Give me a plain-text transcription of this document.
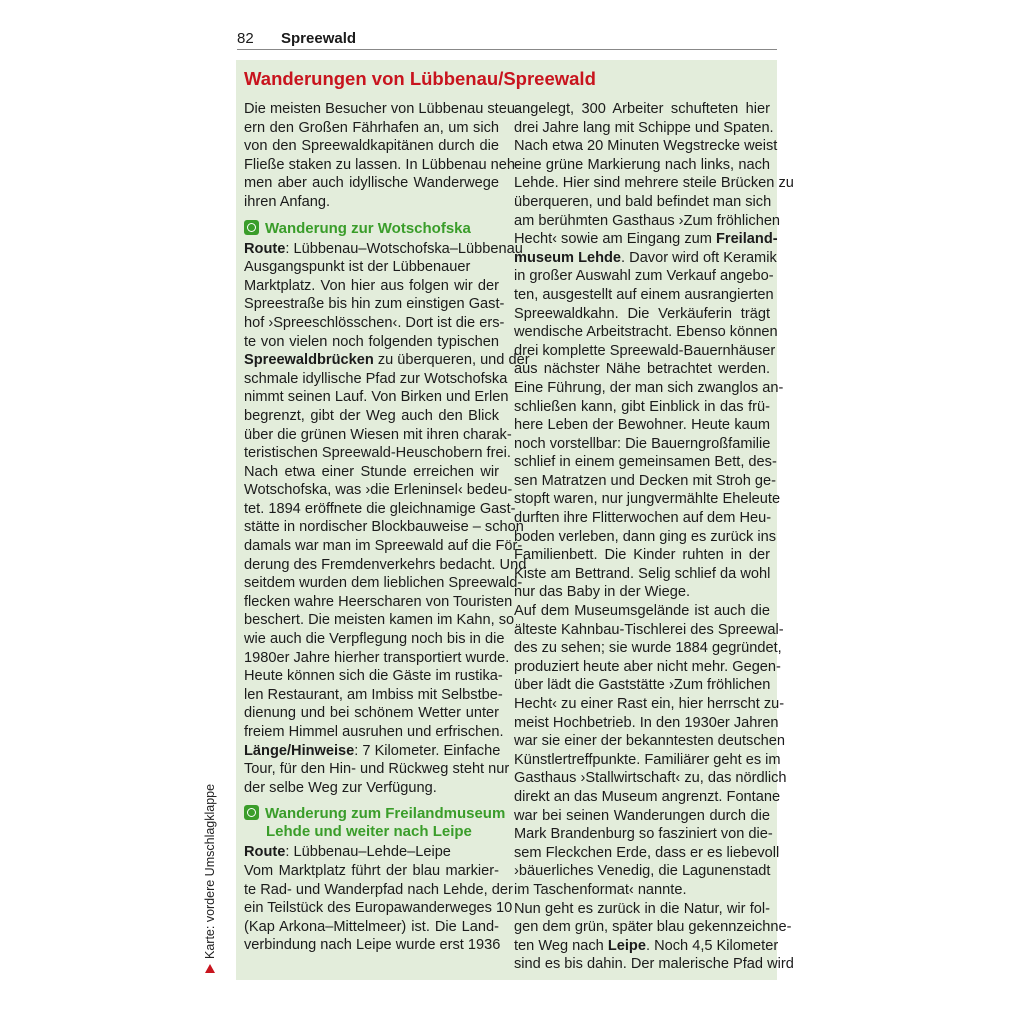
82 Spreewald
Wanderungen von Lübbenau/Spreewald
Die meisten Besucher von Lübbenau steu-
ern den Großen Fährhafen an, um sich
von den Spreewaldkapitänen durch die
Fließe staken zu lassen. In Lübbenau neh-
men aber auch idyllische Wanderwege
ihren Anfang.
Wanderung zur Wotschofska
Route: Lübbenau–Wotschofska–Lübbenau
Ausgangspunkt ist der Lübbenauer
Marktplatz. Von hier aus folgen wir der
Spreestraße bis hin zum einstigen Gast-
hof ›Spreeschlösschen‹. Dort ist die ers-
te von vielen noch folgenden typischen
Spreewaldbrücken zu überqueren, und der
schmale idyllische Pfad zur Wotschofska
nimmt seinen Lauf. Von Birken und Erlen
begrenzt, gibt der Weg auch den Blick
über die grünen Wiesen mit ihren charak-
teristischen Spreewald-Heuschobern frei.
Nach etwa einer Stunde erreichen wir
Wotschofska, was ›die Erleninsel‹ bedeu-
tet. 1894 eröffnete die gleichnamige Gast-
stätte in nordischer Blockbauweise – schon
damals war man im Spreewald auf die För-
derung des Fremdenverkehrs bedacht. Und
seitdem wurden dem lieblichen Spreewald-
flecken wahre Heerscharen von Touristen
beschert. Die meisten kamen im Kahn, so
wie auch die Verpflegung noch bis in die
1980er Jahre hierher transportiert wurde.
Heute können sich die Gäste im rustika-
len Restaurant, am Imbiss mit Selbstbe-
dienung und bei schönem Wetter unter
freiem Himmel ausruhen und erfrischen.
Länge/Hinweise: 7 Kilometer. Einfache
Tour, für den Hin- und Rückweg steht nur
der selbe Weg zur Verfügung.
Wanderung zum Freilandmuseum
Lehde und weiter nach Leipe
Route: Lübbenau–Lehde–Leipe
Vom Marktplatz führt der blau markier-
te Rad- und Wanderpfad nach Lehde, der
ein Teilstück des Europawanderweges 10
(Kap Arkona–Mittelmeer) ist. Die Land-
verbindung nach Leipe wurde erst 1936
angelegt, 300 Arbeiter schufteten hier
drei Jahre lang mit Schippe und Spaten.
Nach etwa 20 Minuten Wegstrecke weist
eine grüne Markierung nach links, nach
Lehde. Hier sind mehrere steile Brücken zu
überqueren, und bald befindet man sich
am berühmten Gasthaus ›Zum fröhlichen
Hecht‹ sowie am Eingang zum Freiland-
museum Lehde. Davor wird oft Keramik
in großer Auswahl zum Verkauf angebo-
ten, ausgestellt auf einem ausrangierten
Spreewaldkahn. Die Verkäuferin trägt
wendische Arbeitstracht. Ebenso können
drei komplette Spreewald-Bauernhäuser
aus nächster Nähe betrachtet werden.
Eine Führung, der man sich zwanglos an-
schließen kann, gibt Einblick in das frü-
here Leben der Bewohner. Heute kaum
noch vorstellbar: Die Bauerngroßfamilie
schlief in einem gemeinsamen Bett, des-
sen Matratzen und Decken mit Stroh ge-
stopft waren, nur jungvermählte Eheleute
durften ihre Flitterwochen auf dem Heu-
boden verleben, dann ging es zurück ins
Familienbett. Die Kinder ruhten in der
Kiste am Bettrand. Selig schlief da wohl
nur das Baby in der Wiege.
Auf dem Museumsgelände ist auch die
älteste Kahnbau-Tischlerei des Spreewal-
des zu sehen; sie wurde 1884 gegründet,
produziert heute aber nicht mehr. Gegen-
über lädt die Gaststätte ›Zum fröhlichen
Hecht‹ zu einer Rast ein, hier herrscht zu-
meist Hochbetrieb. In den 1930er Jahren
war sie einer der bekanntesten deutschen
Künstlertreffpunkte. Familiärer geht es im
Gasthaus ›Stallwirtschaft‹ zu, das nördlich
direkt an das Museum angrenzt. Fontane
war bei seinen Wanderungen durch die
Mark Brandenburg so fasziniert von die-
sem Fleckchen Erde, dass er es liebevoll
›bäuerliches Venedig, die Lagunenstadt
im Taschenformat‹ nannte.
Nun geht es zurück in die Natur, wir fol-
gen dem grün, später blau gekennzeichne-
ten Weg nach Leipe. Noch 4,5 Kilometer
sind es bis dahin. Der malerische Pfad wird
Karte: vordere Umschlagklappe
